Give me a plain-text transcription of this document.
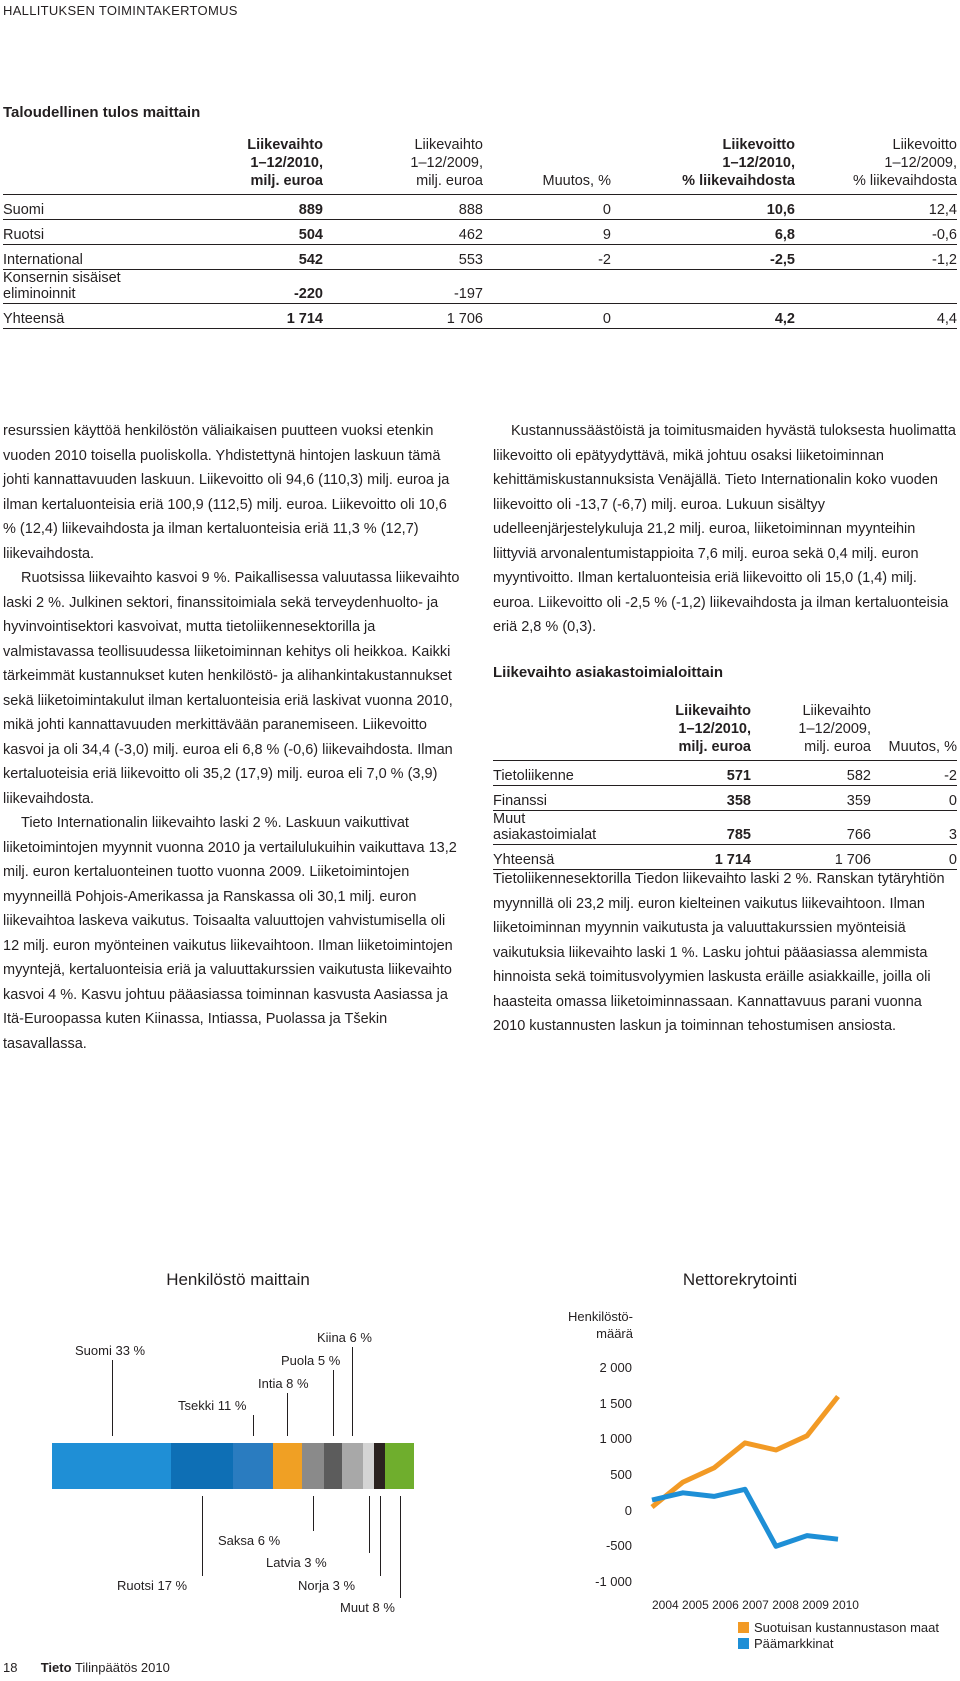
HALLITUKSEN TOIMINTAKERTOMUS
Taloudellinen tulos maittain
	Liikevaihto
1–12/2010,
milj. euroa	Liikevaihto
1–12/2009,
milj. euroa	Muutos, %	Liikevoitto
1–12/2010,
% liikevaihdosta	Liikevoitto
1–12/2009,
% liikevaihdosta
Suomi	889	888	0	10,6	12,4
Ruotsi	504	462	9	6,8	-0,6
International	542	553	-2	-2,5	-1,2
Konsernin sisäiset
eliminoinnit	-220	-197			
Yhteensä	1 714	1 706	0	4,2	4,4

resurssien käyttöä henkilöstön väliaikaisen puutteen vuoksi etenkin vuoden 2010 toisella puoliskolla. Yhdistettynä hintojen laskuun tämä johti kannattavuuden laskuun. Liikevoitto oli 94,6 (110,3) milj. euroa ja ilman kertaluonteisia eriä 100,9 (112,5) milj. euroa. Liikevoitto oli 10,6 % (12,4) liikevaihdosta ja ilman kertaluonteisia eriä 11,3 % (12,7) liikevaihdosta.

Ruotsissa liikevaihto kasvoi 9 %. Paikallisessa valuutassa liikevaihto laski 2 %. Julkinen sektori, finanssitoimiala sekä terveydenhuolto- ja hyvinvointisektori kasvoivat, mutta tietoliikennesektorilla ja valmistavassa teollisuudessa liiketoiminnan kehitys oli heikkoa. Kaikki tärkeimmät kustannukset kuten henkilöstö- ja alihankintakustannukset sekä liiketoimintakulut ilman kertaluonteisia eriä laskivat vuonna 2010, mikä johti kannattavuuden merkittävään paranemiseen. Liikevoitto kasvoi ja oli 34,4 (-3,0) milj. euroa eli 6,8 % (-0,6) liikevaihdosta. Ilman kertaluoteisia eriä liikevoitto oli 35,2 (17,9) milj. euroa eli 7,0 % (3,9) liikevaihdosta.

Tieto Internationalin liikevaihto laski 2 %. Laskuun vaikuttivat liiketoimintojen myynnit vuonna 2010 ja vertailulukuihin vaikuttava 13,2 milj. euron kertaluonteinen tuotto vuonna 2009. Liiketoimintojen myynneillä Pohjois-Amerikassa ja Ranskassa oli 30,1 milj. euron liikevaihtoa laskeva vaikutus. Toisaalta valuuttojen vahvistumisella oli 12 milj. euron myönteinen vaikutus liikevaihtoon. Ilman liiketoimintojen myyntejä, kertaluonteisia eriä ja valuuttakurssien vaikutusta liikevaihto kasvoi 4 %. Kasvu johtuu pääasiassa toiminnan kasvusta Aasiassa ja Itä-Euroopassa kuten Kiinassa, Intiassa, Puolassa ja Tšekin tasavallassa.

Kustannussäästöistä ja toimitusmaiden hyvästä tuloksesta huolimatta liikevoitto oli epätyydyttävä, mikä johtuu osaksi liiketoiminnan kehittämiskustannuksista Venäjällä. Tieto Internationalin koko vuoden liikevoitto oli -13,7 (-6,7) milj. euroa. Lukuun sisältyy udelleenjärjestelykuluja 21,2 milj. euroa, liiketoiminnan myynteihin liittyviä arvonalentumistappioita 7,6 milj. euroa sekä 0,4 milj. euron myyntivoitto. Ilman kertaluonteisia eriä liikevoitto oli 15,0 (1,4) milj. euroa. Liikevoitto oli -2,5 % (-1,2) liikevaihdosta ja ilman kertaluonteisia eriä 2,8 % (0,3).

Liikevaihto asiakastoimialoittain
	Liikevaihto
1–12/2010,
milj. euroa	Liikevaihto
1–12/2009,
milj. euroa	Muutos, %
Tietoliikenne	571	582	-2
Finanssi	358	359	0
Muut
asiakastoimialat	785	766	3
Yhteensä	1 714	1 706	0
Tietoliikennesektorilla Tiedon liikevaihto laski 2 %. Ranskan tytäryhtiön myynnillä oli 23,2 milj. euron kielteinen vaikutus liikevaihtoon. Ilman liiketoiminnan myynnin vaikutusta ja valuuttakurssien myönteisiä vaikutuksia liikevaihto laski 1 %. Lasku johtui pääasiassa alemmista hinnoista sekä toimitusvolyymien laskusta eräille asiakkaille, joilla oli haasteita omassa liiketoiminnassaan. Kannattavuus parani vuonna 2010 kustannusten laskun ja toiminnan tehostumisen ansiosta.
Henkilöstö maittain
Suomi 33 %
Tsekki 11 %
Intia 8 %
Puola 5 %
Kiina 6 %
Saksa 6 %
Latvia 3 %
Norja 3 %
Ruotsi 17 %
Muut 8 %
Nettorekrytointi
Henkilöstö-määrä
2 000
1 500
1 000
500
0
-500
-1 000
2004 2005 2006 2007 2008 2009 2010
Suotuisan kustannustason maat
Päämarkkinat
18 Tieto Tilinpäätös 2010
